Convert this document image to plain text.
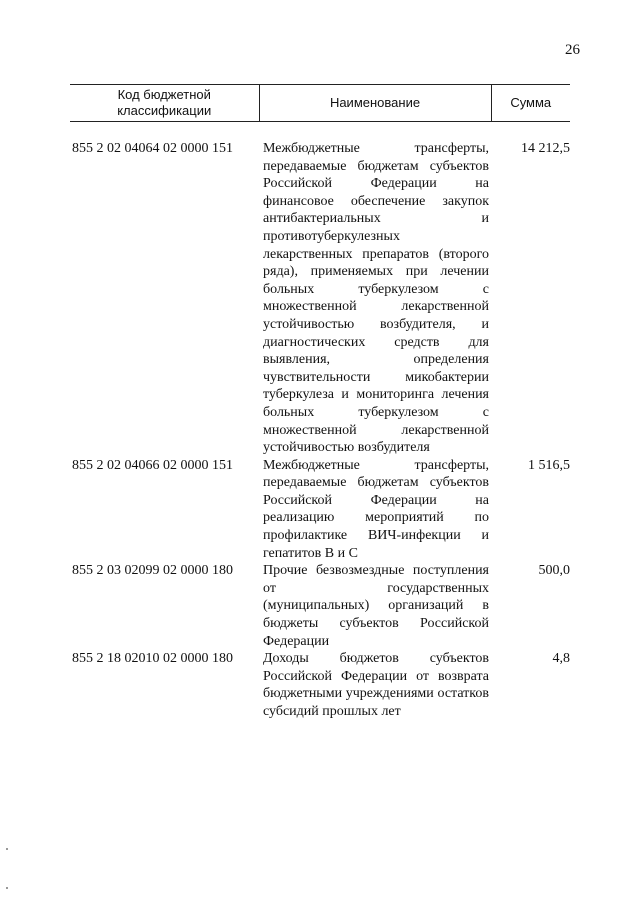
26
Код бюджетной классификации	Наименование	Сумма

855 2 02 04064 02 0000 151	Межбюджетные трансферты, передаваемые бюджетам субъектов Российской Федерации на финансовое обеспечение закупок антибактериальных и противотуберкулезных лекарственных препаратов (второго ряда), применяемых при лечении больных туберкулезом с множественной лекарственной устойчивостью возбудителя, и диагностических средств для выявления, определения чувствительности микобактерии туберкулеза и мониторинга лечения больных туберкулезом с множественной лекарственной устойчивостью возбудителя	14 212,5
855 2 02 04066 02 0000 151	Межбюджетные трансферты, передаваемые бюджетам субъектов Российской Федерации на реализацию мероприятий по профилактике ВИЧ-инфекции и гепатитов В и С	1 516,5
855 2 03 02099 02 0000 180	Прочие безвозмездные поступления от государственных (муниципальных) организаций в бюджеты субъектов Российской Федерации	500,0
855 2 18 02010 02 0000 180	Доходы бюджетов субъектов Российской Федерации от возврата бюджетными учреждениями остатков субсидий прошлых лет	4,8
